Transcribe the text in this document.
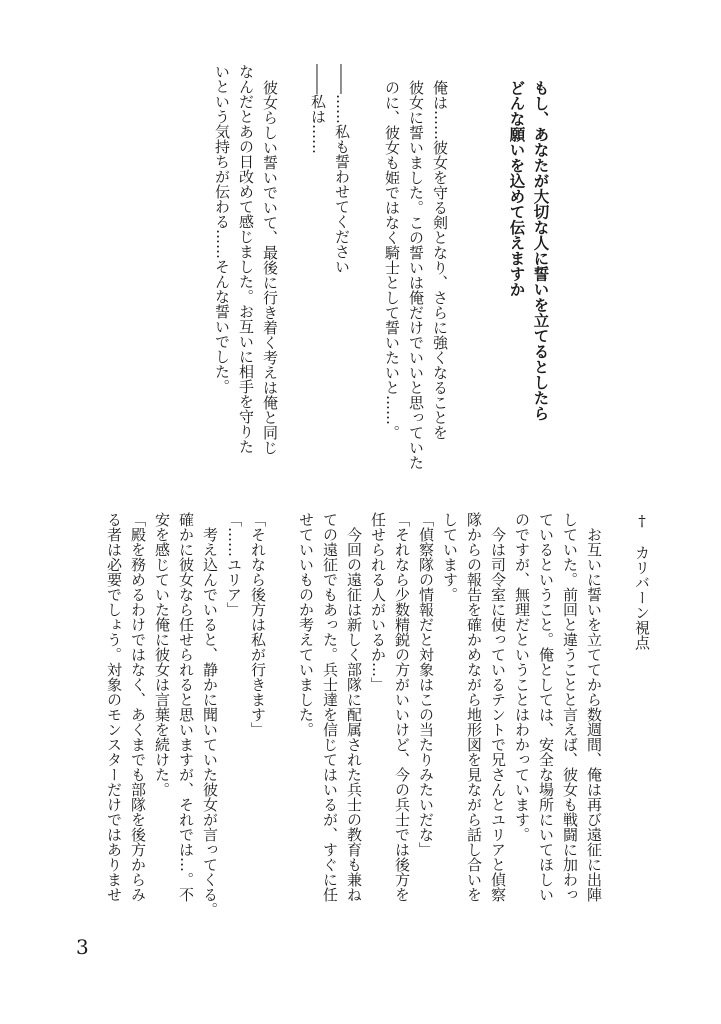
もし、あなたが大切な人に誓いを立てるとしたら
どんな願いを込めて伝えますか
俺は……彼女を守る剣となり、さらに強くなることを
彼女に誓いました。この誓いは俺だけでいいと思っていた
のに、彼女も姫ではなく騎士として誓いたいと……。
――……私も誓わせてください
――私は……
彼女らしい誓いでいて、最後に行き着く考えは俺と同じ
なんだとあの日改めて感じました。お互いに相手を守りた
いという気持ちが伝わる……そんな誓いでした。
†　カリバーン視点
　お互いに誓いを立ててから数週間、俺は再び遠征に出陣
していた。前回と違うことと言えば、彼女も戦闘に加わっ
ているということ。俺としては、安全な場所にいてほしい
のですが、無理だということはわかっています。
　今は司令室に使っているテントで兄さんとユリアと偵察
隊からの報告を確かめながら地形図を見ながら話し合いを
しています。
「偵察隊の情報だと対象はこの当たりみたいだな」
「それなら少数精鋭の方がいいけど、今の兵士では後方を
任せられる人がいるか…」
　今回の遠征は新しく部隊に配属された兵士の教育も兼ね
ての遠征でもあった。兵士達を信じてはいるが、すぐに任
せていいものか考えていました。
「それなら後方は私が行きます」
「……ユリア」
　考え込んでいると、静かに聞いていた彼女が言ってくる。
確かに彼女なら任せられると思いますが、それでは…。不
安を感じていた俺に彼女は言葉を続けた。
「殿を務めるわけではなく、あくまでも部隊を後方からみ
る者は必要でしょう。対象のモンスターだけではありませ
3
